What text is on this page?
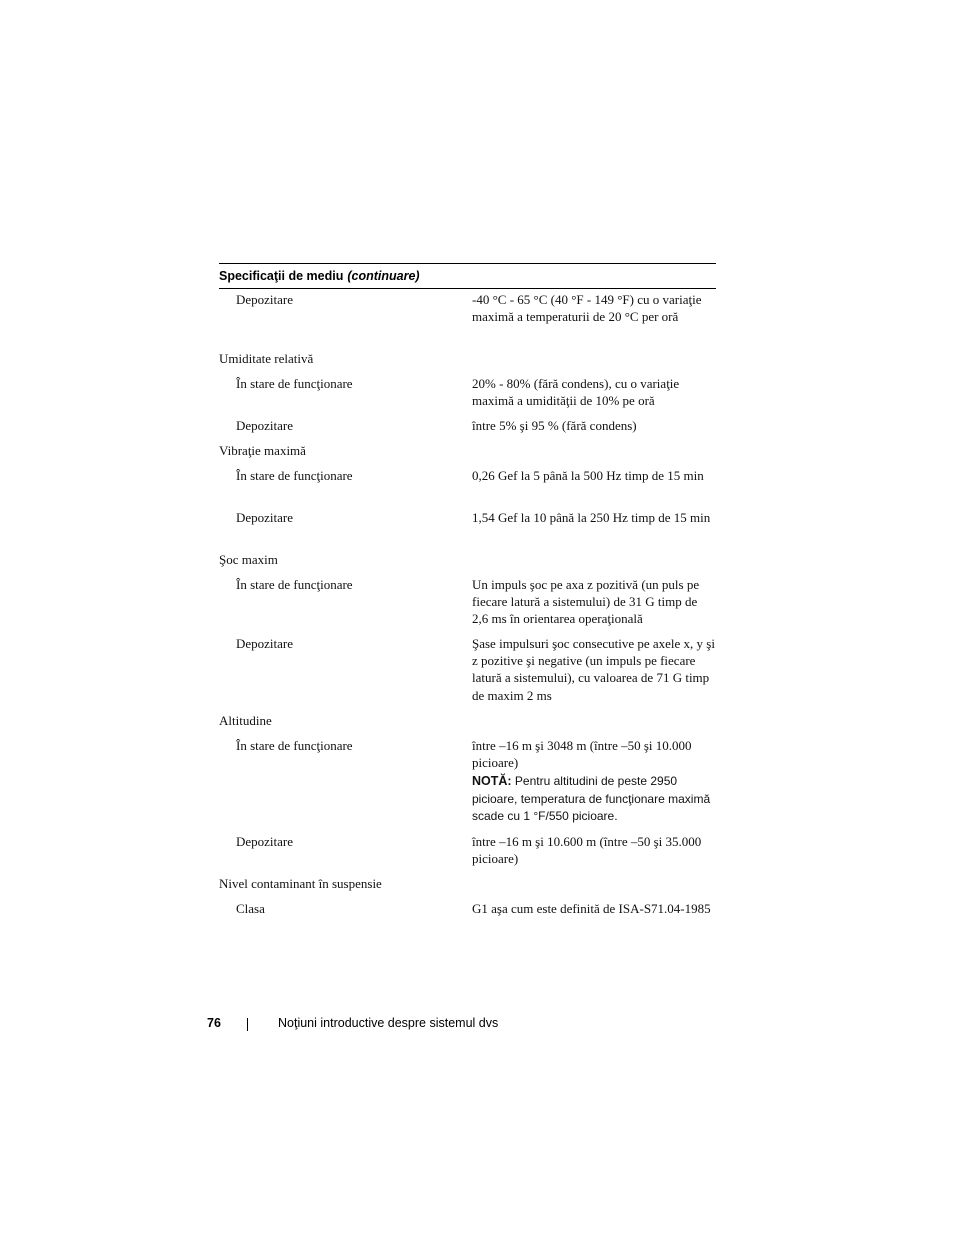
Specificaţii de mediu (continuare)
Depozitare	-40 °C - 65 °C (40 °F - 149 °F) cu o variaţie maximă a temperaturii de 20 °C per oră
Umiditate relativă
În stare de funcţionare	20% - 80% (fără condens), cu o variaţie maximă a umidităţii de 10% pe oră
Depozitare	între 5% şi 95 % (fără condens)
Vibraţie maximă
În stare de funcţionare	0,26 Gef la 5 până la 500 Hz timp de 15 min
Depozitare	1,54 Gef la 10 până la 250 Hz timp de 15 min
Şoc maxim
În stare de funcţionare	Un impuls şoc pe axa z pozitivă (un puls pe fiecare latură a sistemului) de 31 G timp de 2,6 ms în orientarea operaţională
Depozitare	Şase impulsuri şoc consecutive pe axele x, y şi z pozitive şi negative (un impuls pe fiecare latură a sistemului), cu valoarea de 71 G timp de maxim 2 ms
Altitudine
În stare de funcţionare	între –16 m şi 3048 m (între –50 şi 10.000 picioare)
NOTĂ: Pentru altitudini de peste 2950 picioare, temperatura de funcţionare maximă scade cu 1 °F/550 picioare.
Depozitare	între –16 m şi 10.600 m (între –50 şi 35.000 picioare)
Nivel contaminant în suspensie
Clasa	G1 aşa cum este definită de ISA-S71.04-1985
76	Noţiuni introductive despre sistemul dvs
